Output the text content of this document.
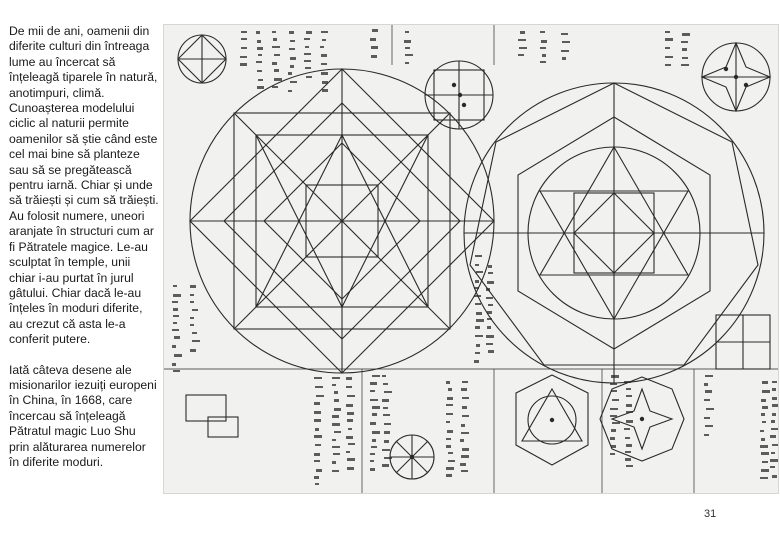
De mii de ani, oamenii din diferite culturi din întreaga lume au încercat să înțeleagă tiparele în natură, anotimpuri, climă. Cunoașterea modelului ciclic al naturii permite oamenilor să știe când este cel mai bine să planteze sau să se pregătească pentru iarnă. Chiar și unde să trăiești și cum să trăiești. Au folosit numere, uneori aranjate în structuri cum ar fi Pătratele magice. Le-au sculptat în temple, unii chiar i-au purtat în jurul gâtului. Chiar dacă le-au înțeles în moduri diferite, au crezut că asta le-a conferit putere.

Iată câteva desene ale misionarilor iezuiți europeni în China, în 1668, care încercau să înțeleagă Pătratul magic Luo Shu prin alăturarea numerelor în diferite moduri.

31
